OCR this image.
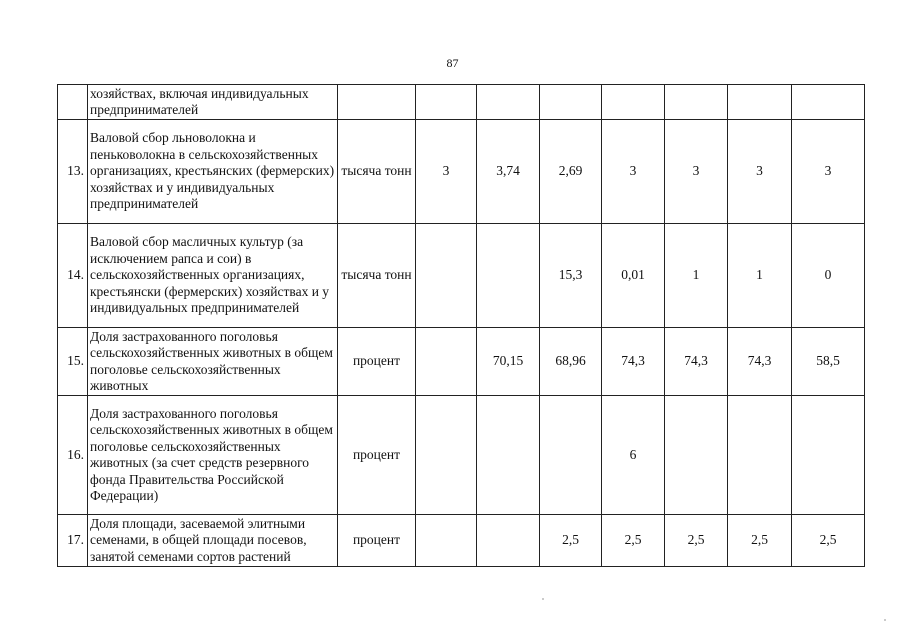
87
	хозяйствах, включая индивидуальных предпринимателей								
13.	Валовой сбор льноволокна и пеньковолокна в сельскохозяйственных организациях, крестьянских (фермерских) хозяйствах и у индивидуальных предпринимателей	тысяча тонн	3	3,74	2,69	3	3	3	3
14.	Валовой сбор масличных культур (за исключением рапса и сои) в сельскохозяйственных организациях, крестьянски (фермерских) хозяйствах и у индивидуальных предпринимателей	тысяча тонн			15,3	0,01	1	1	0
15.	Доля застрахованного поголовья сельскохозяйственных животных в общем поголовье сельскохозяйственных животных	процент		70,15	68,96	74,3	74,3	74,3	58,5
16.	Доля застрахованного поголовья сельскохозяйственных животных в общем поголовье сельскохозяйственных животных (за счет средств резервного фонда Правительства Российской Федерации)	процент				6			
17.	Доля площади, засеваемой элитными семенами, в общей площади посевов, занятой семенами сортов растений	процент			2,5	2,5	2,5	2,5	2,5
